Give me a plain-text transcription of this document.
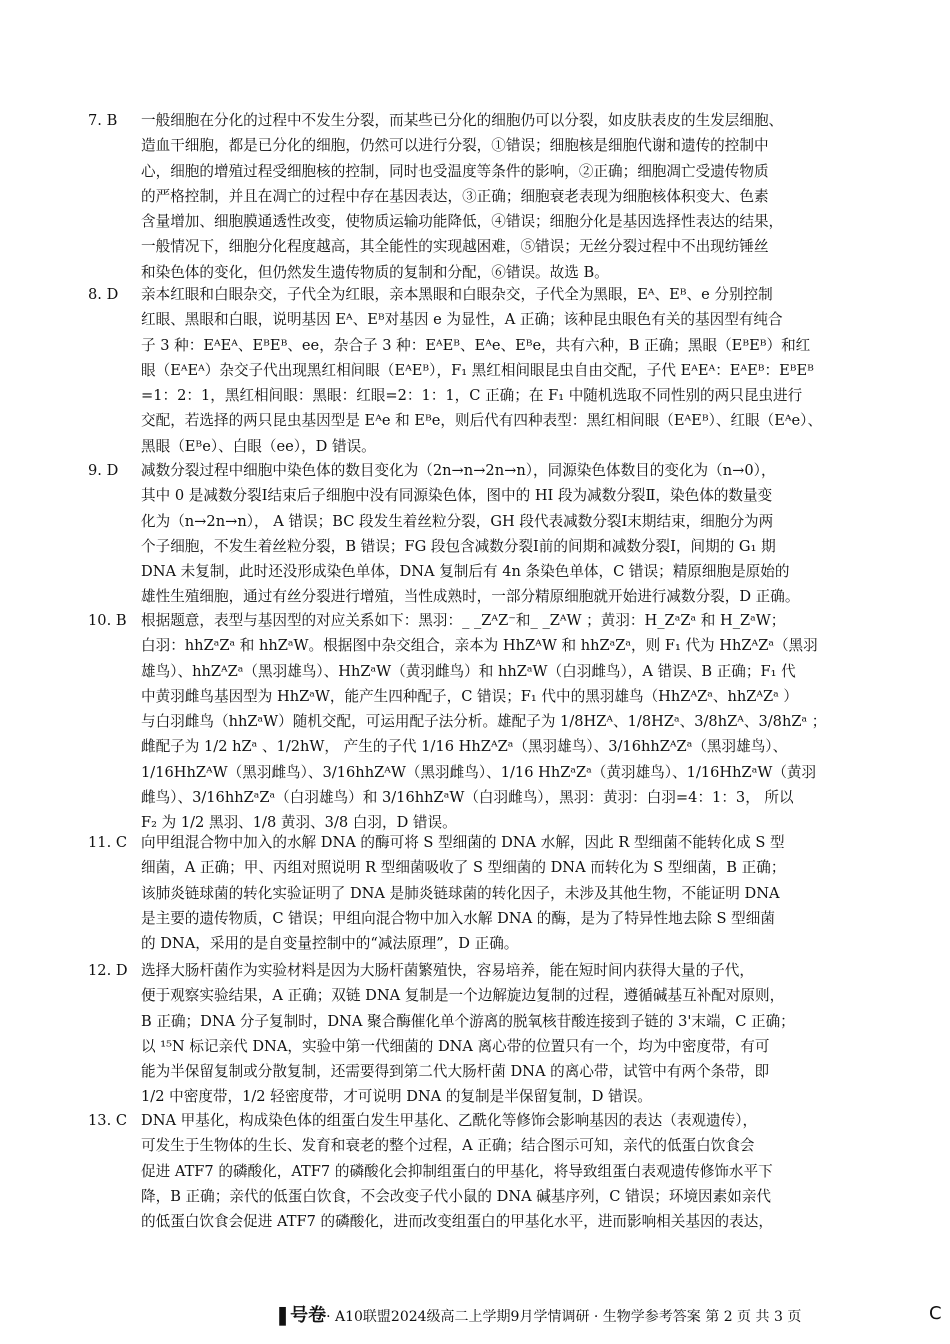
7. B	一般细胞在分化的过程中不发生分裂，而某些已分化的细胞仍可以分裂，如皮肤表皮的生发层细胞、
造血干细胞，都是已分化的细胞，仍然可以进行分裂，①错误；细胞核是细胞代谢和遗传的控制中
心，细胞的增殖过程受细胞核的控制，同时也受温度等条件的影响，②正确；细胞凋亡受遗传物质
的严格控制，并且在凋亡的过程中存在基因表达，③正确；细胞衰老表现为细胞核体积变大、色素
含量增加、细胞膜通透性改变，使物质运输功能降低，④错误；细胞分化是基因选择性表达的结果，
一般情况下，细胞分化程度越高，其全能性的实现越困难，⑤错误；无丝分裂过程中不出现纺锤丝
和染色体的变化，但仍然发生遗传物质的复制和分配，⑥错误。故选 B。
8. D	亲本红眼和白眼杂交，子代全为红眼，亲本黑眼和白眼杂交，子代全为黑眼，Eᴬ、Eᴮ、e 分别控制
红眼、黑眼和白眼，说明基因 Eᴬ、Eᴮ对基因 e 为显性，A 正确；该种昆虫眼色有关的基因型有纯合
子 3 种：EᴬEᴬ、EᴮEᴮ、ee，杂合子 3 种：EᴬEᴮ、Eᴬe、Eᴮe，共有六种，B 正确；黑眼（EᴮEᴮ）和红
眼（EᴬEᴬ）杂交子代出现黑红相间眼（EᴬEᴮ），F₁ 黑红相间眼昆虫自由交配，子代 EᴬEᴬ：EᴬEᴮ：EᴮEᴮ
=1：2：1，黑红相间眼：黑眼：红眼=2：1：1，C 正确；在 F₁ 中随机选取不同性别的两只昆虫进行
交配，若选择的两只昆虫基因型是 Eᴬe 和 Eᴮe，则后代有四种表型：黑红相间眼（EᴬEᴮ）、红眼（Eᴬe）、
黑眼（Eᴮe）、白眼（ee），D 错误。
9. D	减数分裂过程中细胞中染色体的数目变化为（2n→n→2n→n），同源染色体数目的变化为（n→0），
其中 0 是减数分裂Ⅰ结束后子细胞中没有同源染色体，图中的 HI 段为减数分裂Ⅱ，染色体的数量变
化为（n→2n→n）， A 错误；BC 段发生着丝粒分裂，GH 段代表减数分裂Ⅰ末期结束，细胞分为两
个子细胞，不发生着丝粒分裂，B 错误；FG 段包含减数分裂Ⅰ前的间期和减数分裂Ⅰ，间期的 G₁ 期
DNA 未复制，此时还没形成染色单体，DNA 复制后有 4n 条染色单体，C 错误；精原细胞是原始的
雄性生殖细胞，通过有丝分裂进行增殖，当性成熟时，一部分精原细胞就开始进行减数分裂，D 正确。
10. B 根据题意，表型与基因型的对应关系如下：黑羽：_ _ZᴬZ⁻和_ _ZᴬW ；黄羽：H_ZᵃZᵃ 和 H_ZᵃW；
白羽：hhZᵃZᵃ 和 hhZᵃW。根据图中杂交组合，亲本为 HhZᴬW 和 hhZᵃZᵃ，则 F₁ 代为 HhZᴬZᵃ（黑羽
雄鸟）、hhZᴬZᵃ（黑羽雄鸟）、HhZᵃW（黄羽雌鸟）和 hhZᵃW（白羽雌鸟），A 错误、B 正确；F₁ 代
中黄羽雌鸟基因型为 HhZᵃW，能产生四种配子，C 错误；F₁ 代中的黑羽雄鸟（HhZᴬZᵃ、hhZᴬZᵃ ）
与白羽雌鸟（hhZᵃW）随机交配，可运用配子法分析。雄配子为 1/8HZᴬ、1/8HZᵃ、3/8hZᴬ、3/8hZᵃ ；
雌配子为 1/2 hZᵃ 、1/2hW， 产生的子代 1/16 HhZᴬZᵃ（黑羽雄鸟）、3/16hhZᴬZᵃ（黑羽雄鸟）、
1/16HhZᴬW（黑羽雌鸟）、3/16hhZᴬW（黑羽雌鸟）、1/16 HhZᵃZᵃ（黄羽雄鸟）、1/16HhZᵃW（黄羽
雌鸟）、3/16hhZᵃZᵃ（白羽雄鸟）和 3/16hhZᵃW（白羽雌鸟），黑羽：黄羽：白羽=4：1：3， 所以
F₂ 为 1/2 黑羽、1/8 黄羽、3/8 白羽，D 错误。
11. C 向甲组混合物中加入的水解 DNA 的酶可将 S 型细菌的 DNA 水解，因此 R 型细菌不能转化成 S 型
细菌，A 正确；甲、丙组对照说明 R 型细菌吸收了 S 型细菌的 DNA 而转化为 S 型细菌，B 正确；
该肺炎链球菌的转化实验证明了 DNA 是肺炎链球菌的转化因子，未涉及其他生物，不能证明 DNA
是主要的遗传物质，C 错误；甲组向混合物中加入水解 DNA 的酶，是为了特异性地去除 S 型细菌
的 DNA，采用的是自变量控制中的“减法原理”，D 正确。
12. D 选择大肠杆菌作为实验材料是因为大肠杆菌繁殖快，容易培养，能在短时间内获得大量的子代，
便于观察实验结果，A 正确；双链 DNA 复制是一个边解旋边复制的过程，遵循碱基互补配对原则，
B 正确；DNA 分子复制时，DNA 聚合酶催化单个游离的脱氧核苷酸连接到子链的 3'末端，C 正确；
以 ¹⁵N 标记亲代 DNA，实验中第一代细菌的 DNA 离心带的位置只有一个，均为中密度带，有可
能为半保留复制或分散复制，还需要得到第二代大肠杆菌 DNA 的离心带，试管中有两个条带，即
1/2 中密度带，1/2 轻密度带，才可说明 DNA 的复制是半保留复制，D 错误。
13. C DNA 甲基化，构成染色体的组蛋白发生甲基化、乙酰化等修饰会影响基因的表达（表观遗传），
可发生于生物体的生长、发育和衰老的整个过程，A 正确；结合图示可知，亲代的低蛋白饮食会
促进 ATF7 的磷酸化，ATF7 的磷酸化会抑制组蛋白的甲基化，将导致组蛋白表观遗传修饰水平下
降，B 正确；亲代的低蛋白饮食，不会改变子代小鼠的 DNA 碱基序列，C 错误；环境因素如亲代
的低蛋白饮食会促进 ATF7 的磷酸化，进而改变组蛋白的甲基化水平，进而影响相关基因的表达，
❚号卷· A10联盟2024级高二上学期9月学情调研 · 生物学参考答案 第 2 页 共 3 页	C
